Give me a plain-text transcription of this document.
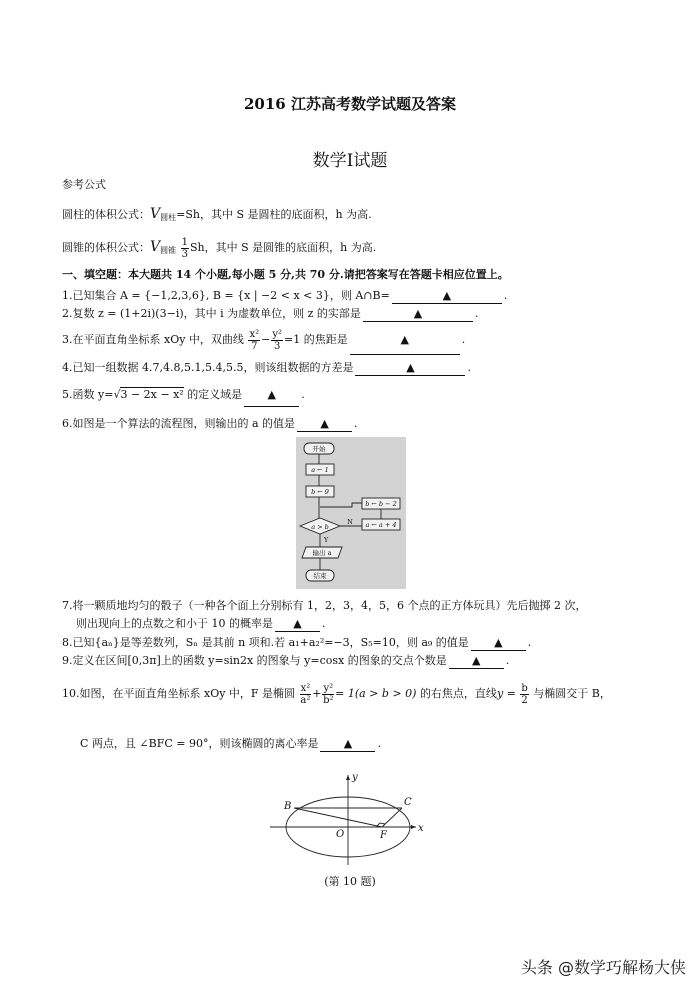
2016 江苏高考数学试题及答案
数学Ⅰ试题
参考公式
圆柱的体积公式：$V_{圆柱}=Sh$，其中 S 是圆柱的底面积，h 为高.
圆锥的体积公式：$V_{圆锥} \frac{1}{3}$ Sh，其中 S 是圆锥的底面积，h 为高.
一、填空题：本大题共 14 个小题,每小题 5 分,共 70 分.请把答案写在答题卡相应位置上。
1.已知集合 A = {−1,2,3,6}, B = {x | −2 < x < 3}，则 A∩B=	▲	.
2.复数 z = (1+2i)(3−i)，其中 i 为虚数单位，则 z 的实部是	▲	.
3.在平面直角坐标系 xOy 中，双曲线 $\frac{\text{x²}}{7} - \frac{\text{y²}}{3} =1$ 的焦距是	▲	.
4.已知一组数据 4.7,4.8,5.1,5.4,5.5，则该组数据的方差是	▲	.
5.函数 y=√3 − 2x − x² 的定义域是 ▲ .
6.如图是一个算法的流程图，则输出的 a 的值是 ▲ .
开始
a ← 1
b ← 9
b ← b − 2
a ← a + 4
a > b
N
Y
输出 a
结束
7.将一颗质地均匀的骰子（一种各个面上分别标有 1，2，3，4，5，6 个点的正方体玩具）先后抛掷 2 次，
则出现向上的点数之和小于 10 的概率是 ▲ .
8.已知{aₙ}是等差数列，Sₙ 是其前 n 项和.若 a₁+a₂²=−3，S₅=10，则 a₉ 的值是 ▲ .
9.定义在区间[0,3π]上的函数 y=sin2x 的图象与 y=cosx 的图象的交点个数是 ▲ .
10.如图，在平面直角坐标系 xOy 中，F 是椭圆 $\frac{\text{x²}}{\text{a²}} + \frac{\text{y²}}{\text{b²}} = 1(a > b > 0)$ 的右焦点，直线$y = \frac{b}{2}$ 与椭圆交于 B，
C 两点，且 ∠BFC = 90°，则该椭圆的离心率是 ▲ .
B	C
O	F
x
y
(第 10 题)
头条 @数学巧解杨大侠
